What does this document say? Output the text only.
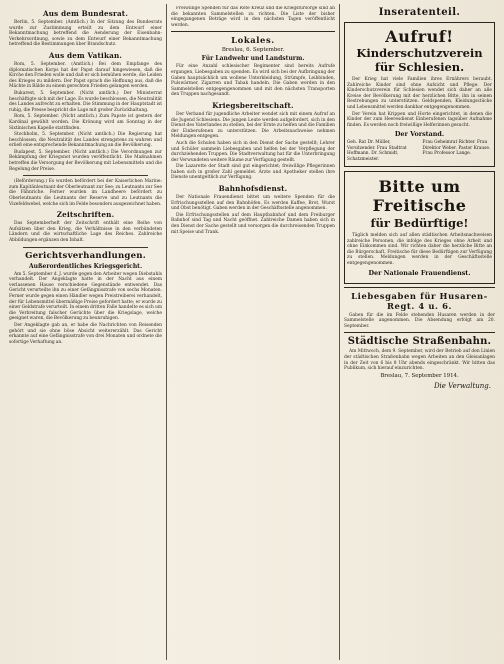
Aus dem Bundesrat.

Berlin, 5. September. (Amtlich.) In der Sitzung des Bundesrats wurde zur Zustimmung erteilt zu dem Entwurf einer Bekanntmachung betreffend die Aenderung der Eisenbahn-Verkehrsordnung, sowie zu dem Entwurf einer Bekanntmachung betreffend die Bestimmungen über Brandschutz.

Aus dem Vatikan.

Rom, 5. September. (Amtlich.) Bei dem Empfange des diplomatischen Korps hat der Papst darauf hingewiesen, daß die Kirche den Frieden wolle und daß er sich bemühen werde, die Leiden des Krieges zu mildern. Der Papst sprach die Hoffnung aus, daß die Mächte in Bälde zu einem gerechten Frieden gelangen werden.

Bukarest, 5. September. (Nicht amtlich.) Der Ministerrat beschäftigte sich mit der Lage. Es wurde beschlossen, die Neutralität des Landes aufrecht zu erhalten. Die Stimmung in der Hauptstadt ist ruhig, die Presse bespricht die Lage mit großer Zurückhaltung.

Rom, 5. September. (Nicht amtlich.) Zum Papste ist gestern der Kardinal gewählt worden. Die Krönung wird am Sonntag in der Sixtinischen Kapelle stattfinden.

Stockholm, 5. September. (Nicht amtlich.) Die Regierung hat beschlossen, die Neutralität des Landes strengstens zu wahren und erließ eine entsprechende Bekanntmachung an die Bevölkerung.

Budapest, 5. September. (Nicht amtlich.) Die Verordnungen zur Bekämpfung der Kriegsnot wurden veröffentlicht. Die Maßnahmen betreffen die Versorgung der Bevölkerung mit Lebensmitteln und die Regelung der Preise.

(Beförderung.) Es wurden befördert bei der Kaiserlichen Marine: zum Kapitänleutnant der Oberleutnant zur See; zu Leutnants zur See die Fähnriche. Ferner wurden im Landheere befördert zu Oberleutnants die Leutnants der Reserve und zu Leutnants die Vizefeldwebel, welche sich im Felde besonders ausgezeichnet haben.

Zeitschriften.

Das Septemberheft der Zeitschrift enthält eine Reihe von Aufsätzen über den Krieg, die Verhältnisse in den verbündeten Ländern und die wirtschaftliche Lage des Reiches. Zahlreiche Abbildungen ergänzen den Inhalt.

Gerichtsverhandlungen.
Außerordentliches Kriegsgericht.

Am 5. September d. J. wurde gegen den Arbeiter wegen Diebstahls verhandelt. Der Angeklagte hatte in der Nacht aus einem verlassenen Hause verschiedene Gegenstände entwendet. Das Gericht verurteilte ihn zu einer Gefängnisstrafe von sechs Monaten. Ferner wurde gegen einen Händler wegen Preistreiberei verhandelt, der für Lebensmittel übermäßige Preise gefordert hatte; er wurde zu einer Geldstrafe verurteilt. In einem dritten Falle handelte es sich um die Verbreitung falscher Gerüchte über die Kriegslage, welche geeignet waren, die Bevölkerung zu beunruhigen.

Der Angeklagte gab an, er habe die Nachrichten von Reisenden gehört und sie ohne böse Absicht weitererzählt. Das Gericht erkannte auf eine Gefängnisstrafe von drei Monaten und ordnete die sofortige Verhaftung an.

Freiwillige Spenden für das Rote Kreuz und die Kriegsfürsorge sind an die bekannten Sammelstellen zu richten. Die Liste der bisher eingegangenen Beträge wird in den nächsten Tagen veröffentlicht werden.

Lokales.
Breslau, 6. September.
Für Landwehr und Landsturm.

Für eine Anzahl schlesischer Regimenter sind bereits Aufrufe ergangen, Liebesgaben zu spenden. Es wird sich bei der Aufbringung der Gaben hauptsächlich um wollene Unterkleidung, Strümpfe, Leibbinden, Pulswärmer, Zigarren und Tabak handeln. Die Gaben werden in den Sammelstellen entgegengenommen und mit den nächsten Transporten den Truppen nachgesandt.

Kriegsbereitschaft.

Der Verband für jugendliche Arbeiter wendet sich mit einem Aufruf an die Jugend Schlesiens. Die jungen Leute werden aufgefordert, sich in den Dienst des Vaterlandes zu stellen, bei der Ernte zu helfen und die Familien der Einberufenen zu unterstützen. Die Arbeitsnachweise nehmen Meldungen entgegen.

Auch die Schulen haben sich in den Dienst der Sache gestellt; Lehrer und Schüler sammeln Liebesgaben und helfen bei der Verpflegung der durchziehenden Truppen. Die Stadtverwaltung hat für die Unterbringung der Verwundeten weitere Räume zur Verfügung gestellt.

Die Lazarette der Stadt sind gut eingerichtet; freiwillige Pflegerinnen haben sich in großer Zahl gemeldet. Ärzte und Apotheker stellen ihre Dienste unentgeltlich zur Verfügung.

Bahnhofsdienst.

Der Nationale Frauendienst bittet um weitere Spenden für die Erfrischungsstellen auf den Bahnhöfen. Es werden Kaffee, Brot, Wurst und Obst benötigt. Gaben werden in der Geschäftsstelle angenommen.

Die Erfrischungsstellen auf dem Hauptbahnhof und dem Freiburger Bahnhof sind Tag und Nacht geöffnet. Zahlreiche Damen haben sich in den Dienst der Sache gestellt und versorgen die durchreisenden Truppen mit Speise und Trank.

Inseratenteil.
Aufruf!
Kinderschutzverein für Schlesien.

Der Krieg hat viele Familien ihres Ernährers beraubt. Zahlreiche Kinder sind ohne Aufsicht und Pflege. Der Kinderschutzverein für Schlesien wendet sich daher an alle Kreise der Bevölkerung mit der herzlichen Bitte, ihn in seinen Bestrebungen zu unterstützen. Geldspenden, Kleidungsstücke und Lebensmittel werden dankbar entgegengenommen.

Der Verein hat Krippen und Horte eingerichtet, in denen die Kinder der zum Heeresdienst Einberufenen tagsüber Aufnahme finden. Es werden noch freiwillige Helferinnen gesucht.

Der Vorstand.
Geh. Rat Dr. Müller, Vorsitzender. Frau Stadtrat Hoffmann. Dr. Schmidt, Schatzmeister.
Frau Geheimrat Richter. Frau Direktor Weber. Pastor Krause. Frau Professor Lange.
Bitte um Freitische
für Bedürftige!

Täglich melden sich auf allen städtischen Arbeitsnachweisen zahlreiche Personen, die infolge des Krieges ohne Arbeit und ohne Einkommen sind. Wir richten daher die herzliche Bitte an die Bürgerschaft, Freitische für diese Bedürftigen zur Verfügung zu stellen. Meldungen werden in der Geschäftsstelle entgegengenommen.

Der Nationale Frauendienst.
Liebesgaben für Husaren-Regt. 4 u. 6.

Gaben für die im Felde stehenden Husaren werden in der Sammelstelle angenommen. Die Absendung erfolgt am 20. September.

Städtische Straßenbahn.

Am Mittwoch, dem 9. September, wird der Betrieb auf den Linien der städtischen Straßenbahn wegen Arbeiten an den Gleisanlagen in der Zeit von 6 bis 8 Uhr abends eingeschränkt. Wir bitten das Publikum, sich hierauf einzurichten.

Breslau, 7. September 1914.
Die Verwaltung.
